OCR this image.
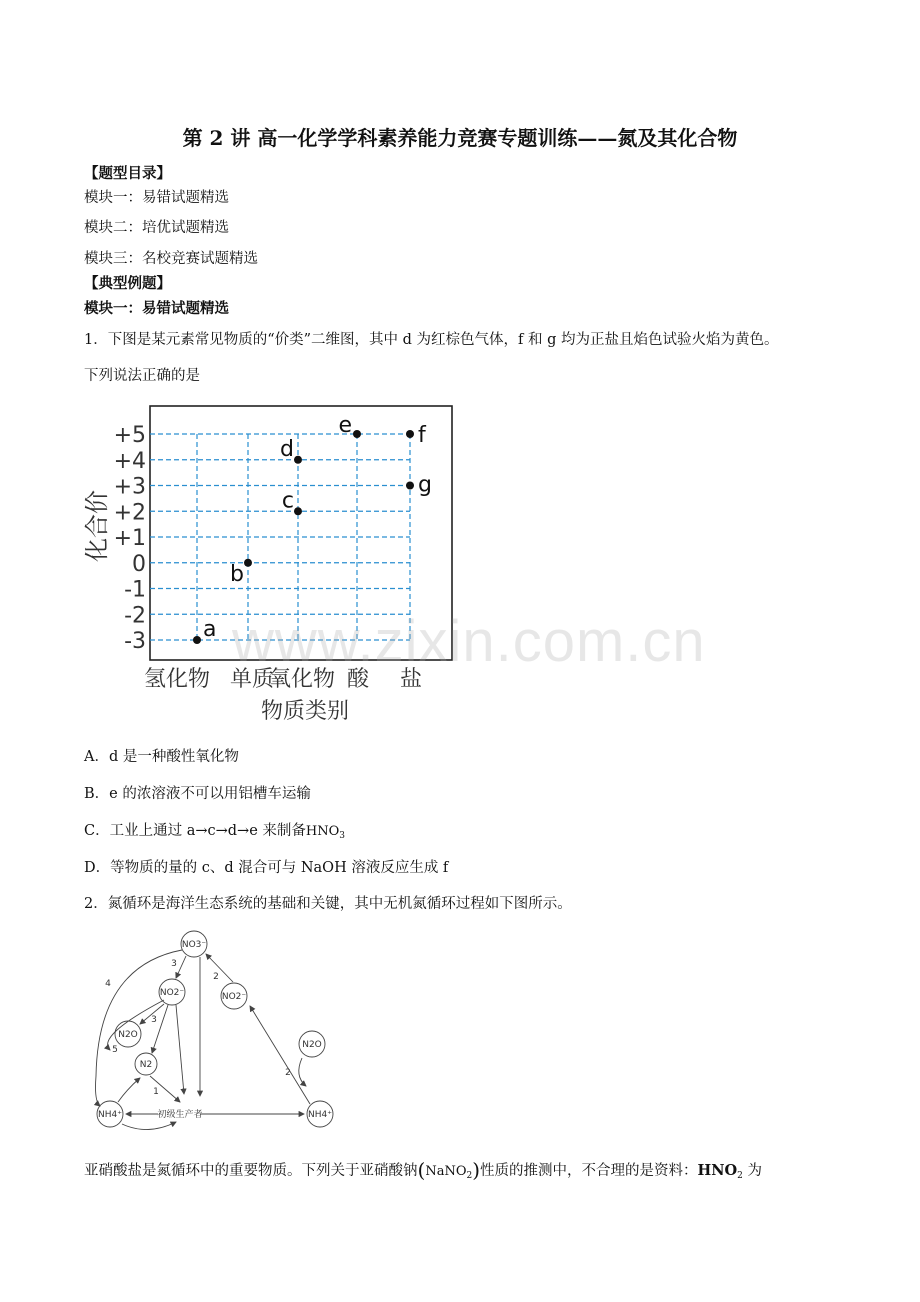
第 2 讲 高一化学学科素养能力竞赛专题训练——氮及其化合物
【题型目录】
模块一：易错试题精选
模块二：培优试题精选
模块三：名校竞赛试题精选
【典型例题】
模块一：易错试题精选
1．下图是某元素常见物质的“价类”二维图，其中 d 为红棕色气体，f 和 g 均为正盐且焰色试验火焰为黄色。
下列说法正确的是
+5
+4
+3
+2
+1
0
-1
-2
-3
氢化物 单质
氧化物 酸 盐
a
b
c
d
e	f
g
化合价
物质类别
A．d 是一种酸性氧化物
B．e 的浓溶液不可以用铝槽车运输
C．工业上通过 a→c→d→e 来制备$HNO_3$
D．等物质的量的 c、d 混合可与 NaOH 溶液反应生成 f
2．氮循环是海洋生态系统的基础和关键，其中无机氮循环过程如下图所示。
NO3⁻
NO2⁻	NO2⁻
N2O
N2
N2O
NH4⁺	NH4⁺
初级生产者
4
3
2
3
5
1
2
亚硝酸盐是氮循环中的重要物质。下列关于亚硝酸钠(NaNO$_2$)性质的推测中，不合理的是资料：$HNO_2$ 为
www.zixin.com.cn
